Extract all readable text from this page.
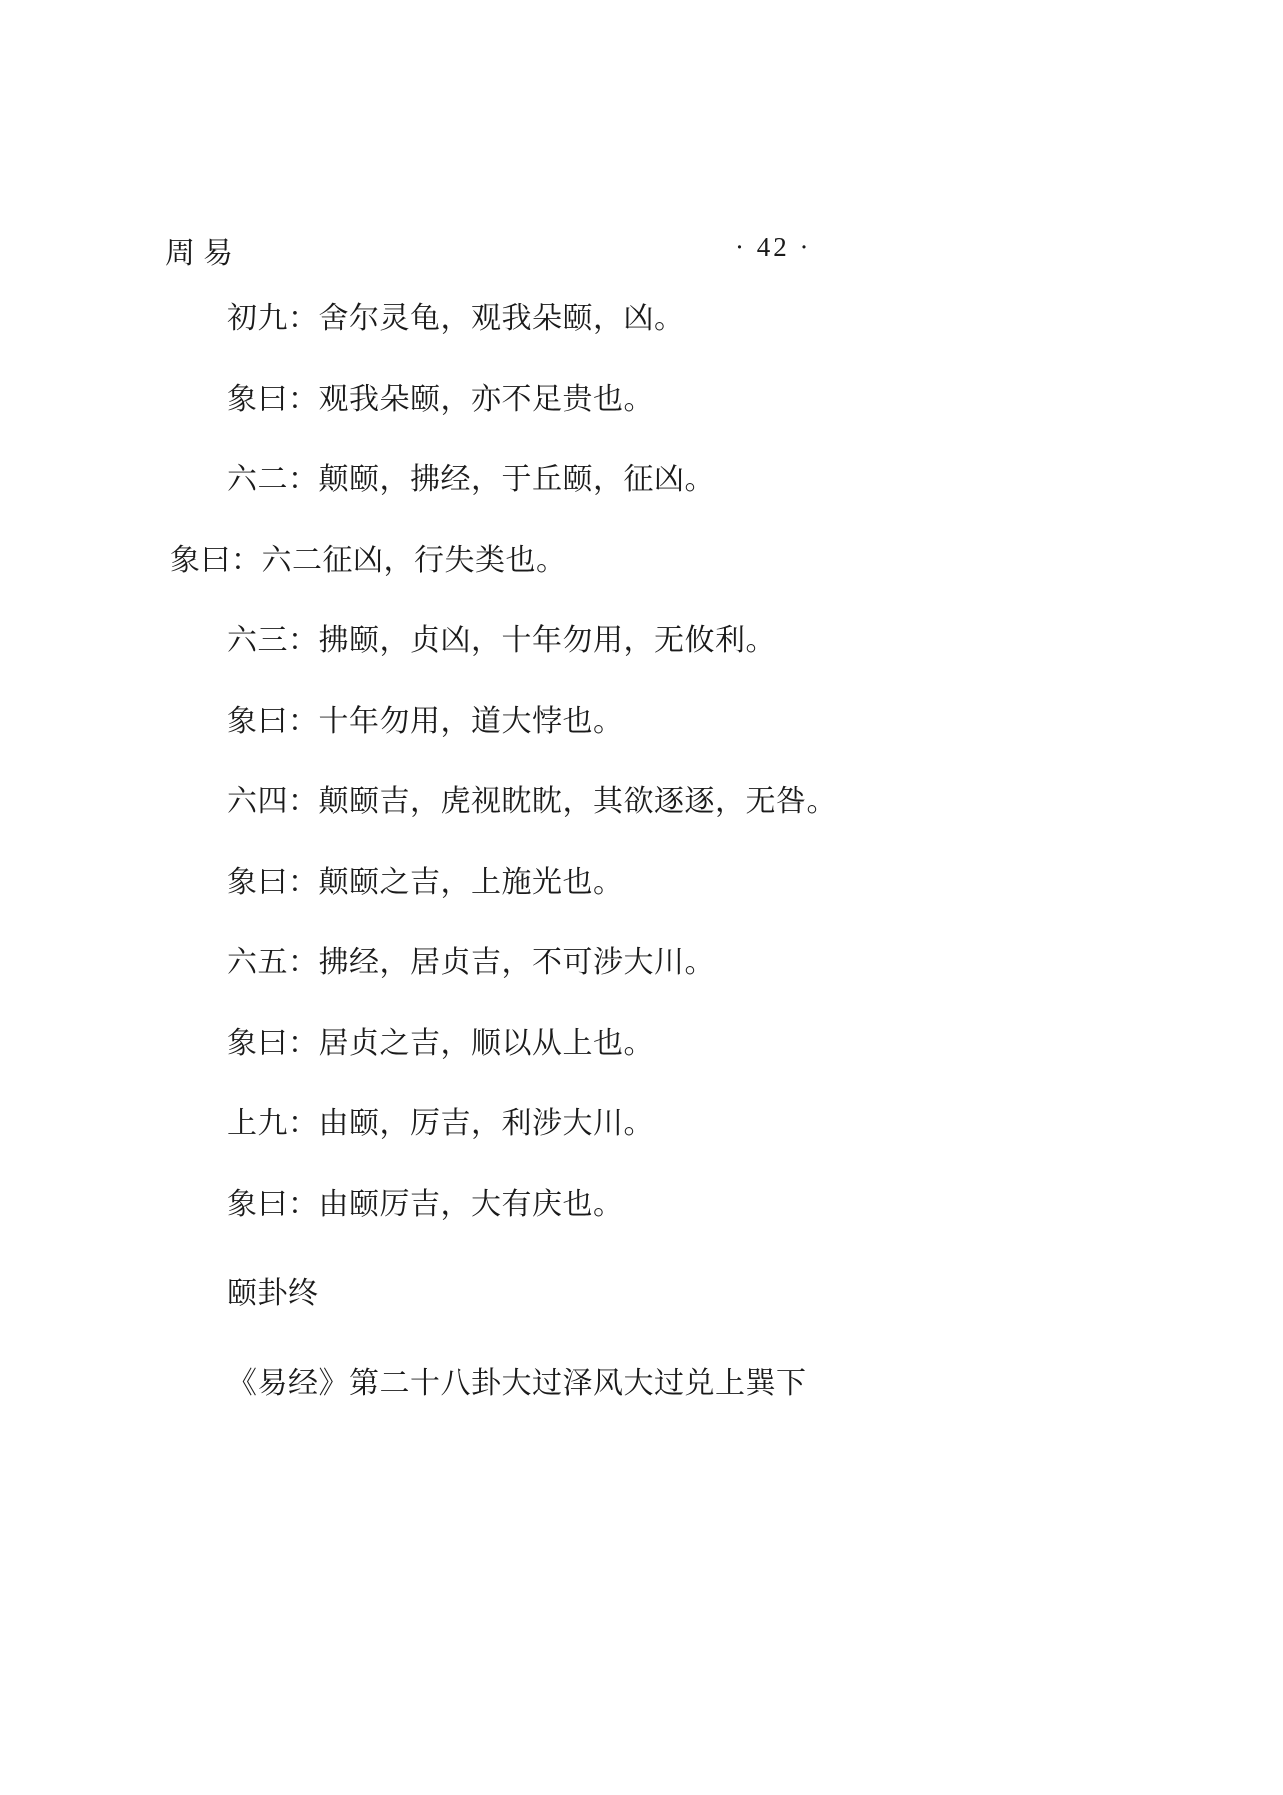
周易	· 42 ·

初九：舍尔灵龟，观我朵颐，凶。

象曰：观我朵颐，亦不足贵也。

六二：颠颐，拂经，于丘颐，征凶。

象曰：六二征凶，行失类也。

六三：拂颐，贞凶，十年勿用，无攸利。

象曰：十年勿用，道大悖也。

六四：颠颐吉，虎视眈眈，其欲逐逐，无咎。

象曰：颠颐之吉，上施光也。

六五：拂经，居贞吉，不可涉大川。

象曰：居贞之吉，顺以从上也。

上九：由颐，厉吉，利涉大川。

象曰：由颐厉吉，大有庆也。

颐卦终

《易经》第二十八卦大过泽风大过兑上巽下
